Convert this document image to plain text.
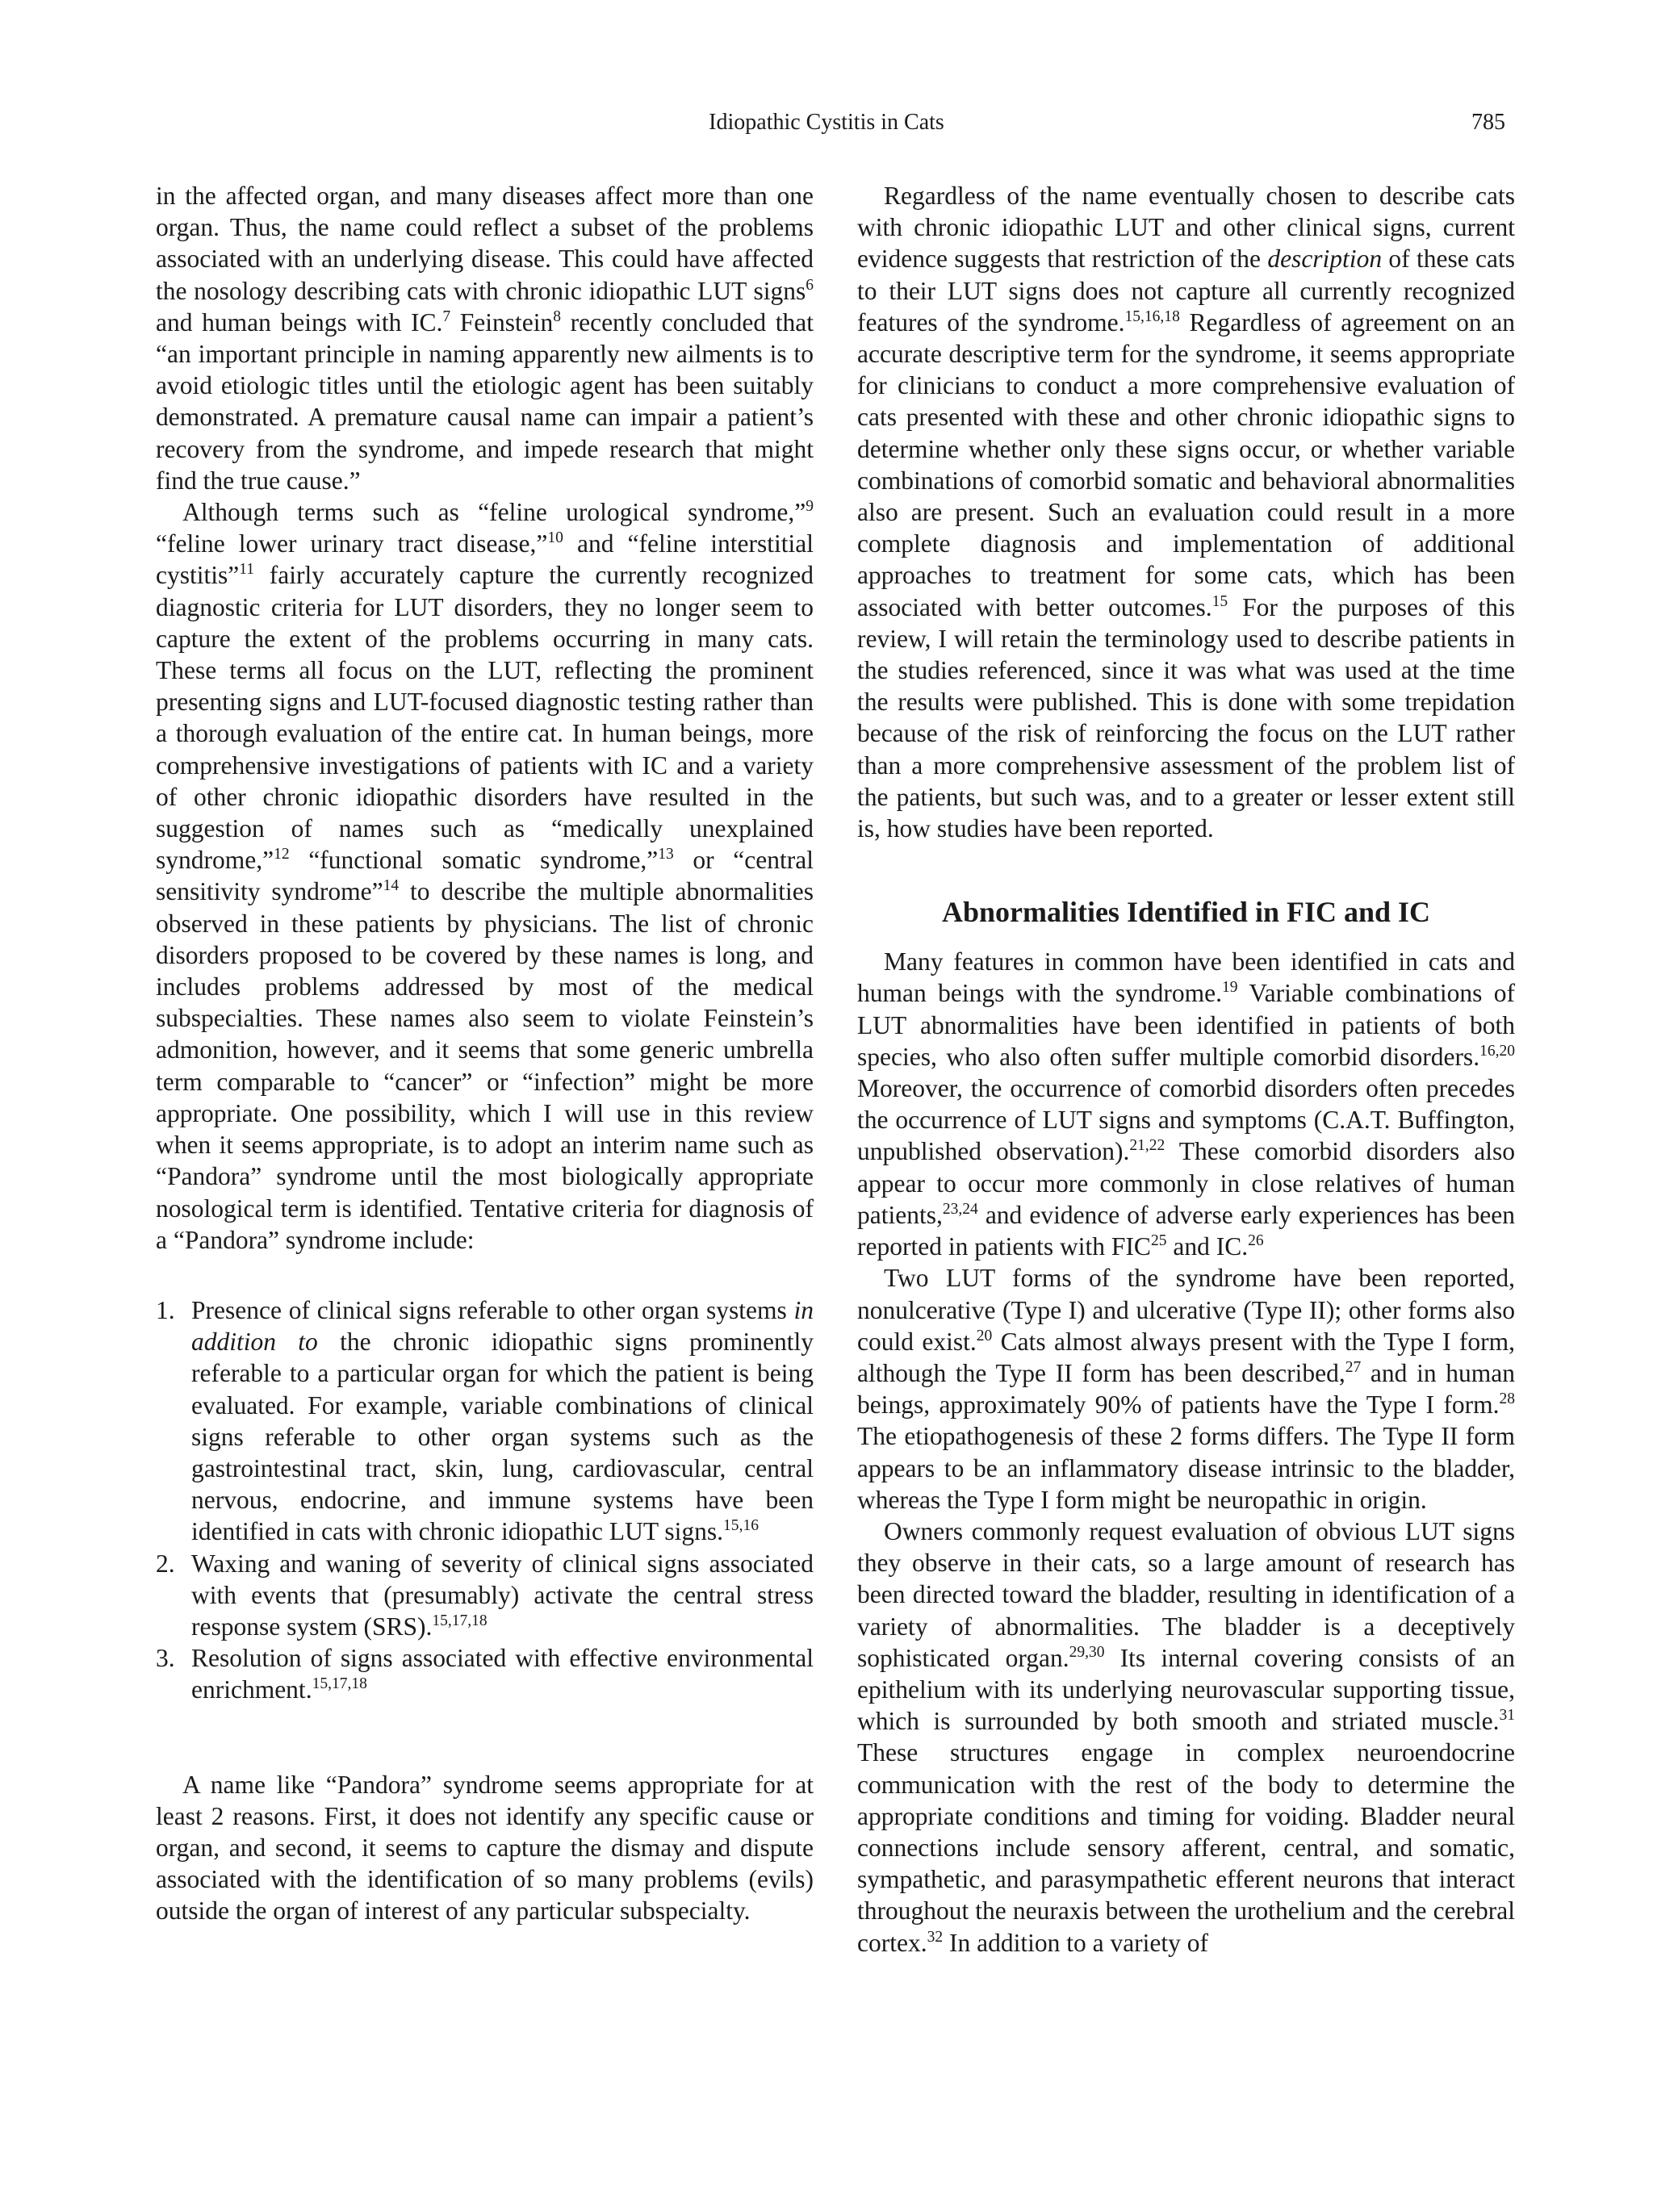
Idiopathic Cystitis in Cats	785

in the affected organ, and many diseases affect more than one organ. Thus, the name could reflect a subset of the problems associated with an underlying disease. This could have affected the nosology describing cats with chronic idiopathic LUT signs$^6$ and human beings with IC.$^7$ Feinstein$^8$ recently concluded that “an important principle in naming apparently new ailments is to avoid etiologic titles until the etiologic agent has been suitably demonstrated. A premature causal name can impair a patient’s recovery from the syndrome, and impede research that might find the true cause.”

Although terms such as “feline urological syndrome,”$^9$ “feline lower urinary tract disease,”$^{10}$ and “feline interstitial cystitis”$^{11}$ fairly accurately capture the currently recognized diagnostic criteria for LUT disorders, they no longer seem to capture the extent of the problems occurring in many cats. These terms all focus on the LUT, reflecting the prominent presenting signs and LUT-focused diagnostic testing rather than a thorough evaluation of the entire cat. In human beings, more comprehensive investigations of patients with IC and a variety of other chronic idiopathic disorders have resulted in the suggestion of names such as “medically unexplained syndrome,”$^{12}$ “functional somatic syndrome,”$^{13}$ or “central sensitivity syndrome”$^{14}$ to describe the multiple abnormalities observed in these patients by physicians. The list of chronic disorders proposed to be covered by these names is long, and includes problems addressed by most of the medical subspecialties. These names also seem to violate Feinstein’s admonition, however, and it seems that some generic umbrella term comparable to “cancer” or “infection” might be more appropriate. One possibility, which I will use in this review when it seems appropriate, is to adopt an interim name such as “Pandora” syndrome until the most biologically appropriate nosological term is identified. Tentative criteria for diagnosis of a “Pandora” syndrome include:

1. Presence of clinical signs referable to other organ systems in addition to the chronic idiopathic signs prominently referable to a particular organ for which the patient is being evaluated. For example, variable combinations of clinical signs referable to other organ systems such as the gastrointestinal tract, skin, lung, cardiovascular, central nervous, endocrine, and immune systems have been identified in cats with chronic idiopathic LUT signs.$^{15,16}$
2. Waxing and waning of severity of clinical signs associated with events that (presumably) activate the central stress response system (SRS).$^{15,17,18}$
3. Resolution of signs associated with effective environmental enrichment.$^{15,17,18}$

A name like “Pandora” syndrome seems appropriate for at least 2 reasons. First, it does not identify any specific cause or organ, and second, it seems to capture the dismay and dispute associated with the identification of so many problems (evils) outside the organ of interest of any particular subspecialty.

Regardless of the name eventually chosen to describe cats with chronic idiopathic LUT and other clinical signs, current evidence suggests that restriction of the description of these cats to their LUT signs does not capture all currently recognized features of the syndrome.$^{15,16,18}$ Regardless of agreement on an accurate descriptive term for the syndrome, it seems appropriate for clinicians to conduct a more comprehensive evaluation of cats presented with these and other chronic idiopathic signs to determine whether only these signs occur, or whether variable combinations of comorbid somatic and behavioral abnormalities also are present. Such an evaluation could result in a more complete diagnosis and implementation of additional approaches to treatment for some cats, which has been associated with better outcomes.$^{15}$ For the purposes of this review, I will retain the terminology used to describe patients in the studies referenced, since it was what was used at the time the results were published. This is done with some trepidation because of the risk of reinforcing the focus on the LUT rather than a more comprehensive assessment of the problem list of the patients, but such was, and to a greater or lesser extent still is, how studies have been reported.

Abnormalities Identified in FIC and IC

Many features in common have been identified in cats and human beings with the syndrome.$^{19}$ Variable combinations of LUT abnormalities have been identified in patients of both species, who also often suffer multiple comorbid disorders.$^{16,20}$ Moreover, the occurrence of comorbid disorders often precedes the occurrence of LUT signs and symptoms (C.A.T. Buffington, unpublished observation).$^{21,22}$ These comorbid disorders also appear to occur more commonly in close relatives of human patients,$^{23,24}$ and evidence of adverse early experiences has been reported in patients with FIC$^{25}$ and IC.$^{26}$

Two LUT forms of the syndrome have been reported, nonulcerative (Type I) and ulcerative (Type II); other forms also could exist.$^{20}$ Cats almost always present with the Type I form, although the Type II form has been described,$^{27}$ and in human beings, approximately 90% of patients have the Type I form.$^{28}$ The etiopathogenesis of these 2 forms differs. The Type II form appears to be an inflammatory disease intrinsic to the bladder, whereas the Type I form might be neuropathic in origin.

Owners commonly request evaluation of obvious LUT signs they observe in their cats, so a large amount of research has been directed toward the bladder, resulting in identification of a variety of abnormalities. The bladder is a deceptively sophisticated organ.$^{29,30}$ Its internal covering consists of an epithelium with its underlying neurovascular supporting tissue, which is surrounded by both smooth and striated muscle.$^{31}$ These structures engage in complex neuroendocrine communication with the rest of the body to determine the appropriate conditions and timing for voiding. Bladder neural connections include sensory afferent, central, and somatic, sympathetic, and parasympathetic efferent neurons that interact throughout the neuraxis between the urothelium and the cerebral cortex.$^{32}$ In addition to a variety of
